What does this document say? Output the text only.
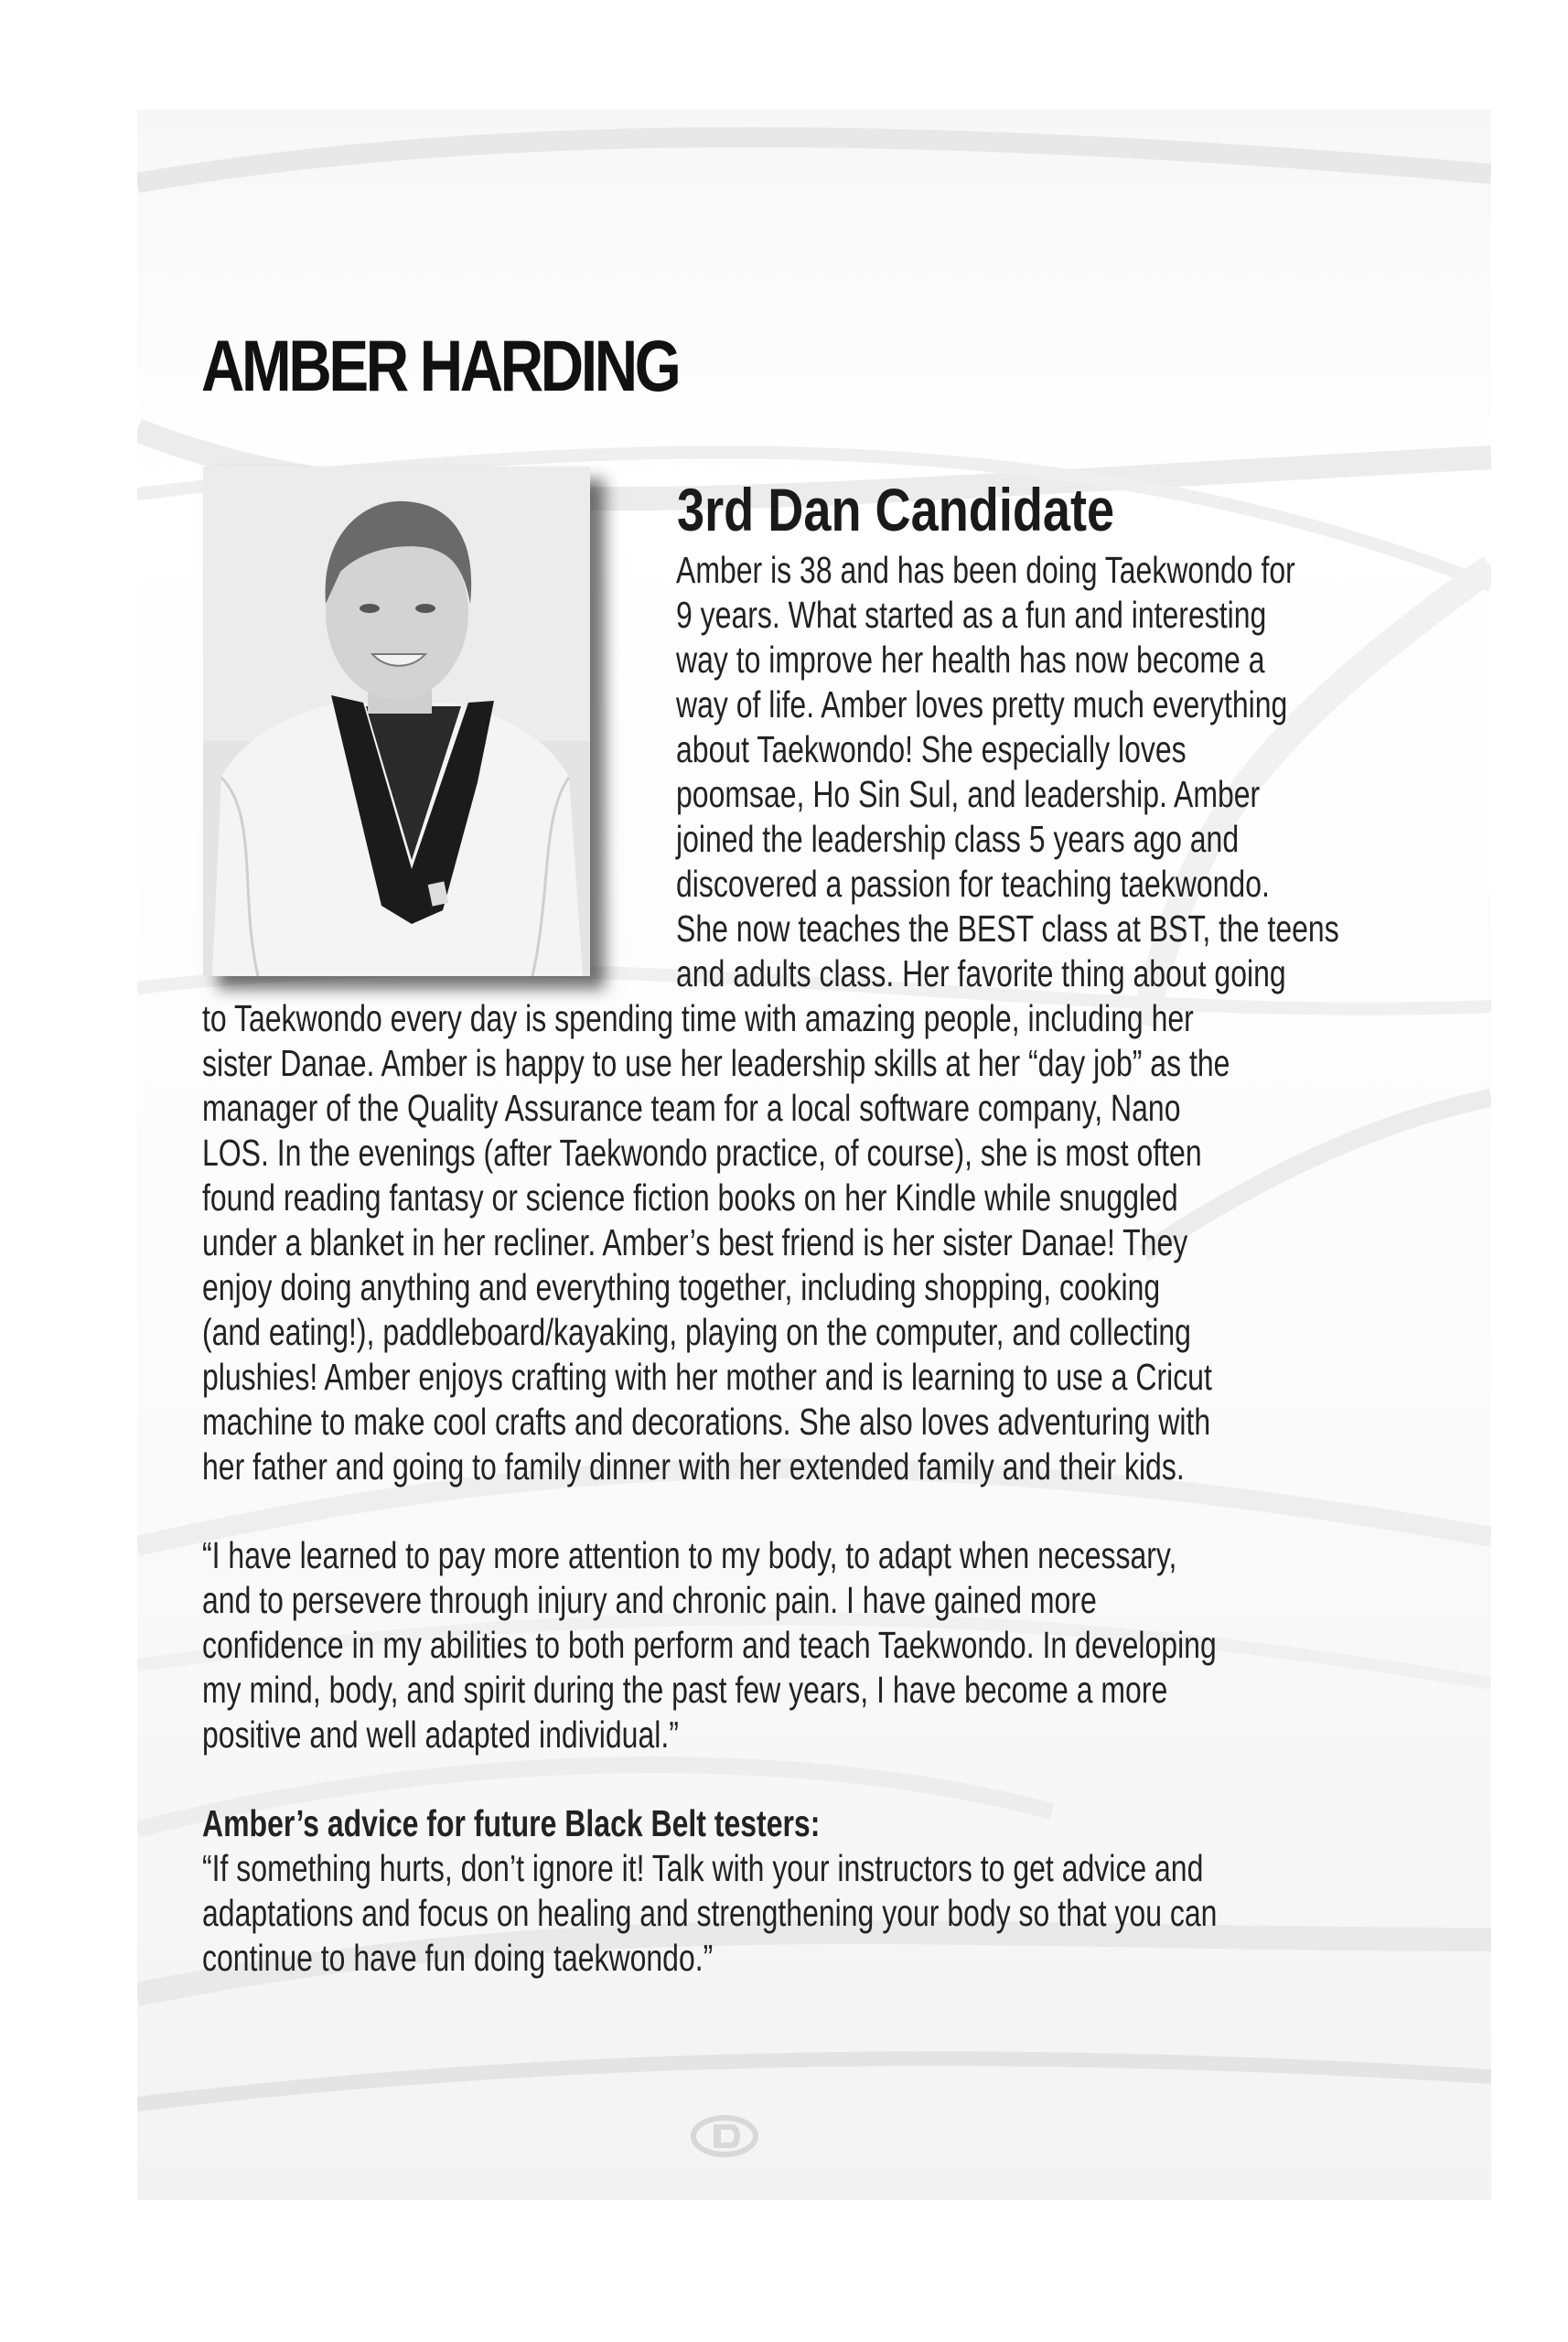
AMBER HARDING
3rd Dan Candidate

Amber is 38 and has been doing Taekwondo for

9 years. What started as a fun and interesting

way to improve her health has now become a

way of life. Amber loves pretty much everything

about Taekwondo! She especially loves

poomsae, Ho Sin Sul, and leadership. Amber

joined the leadership class 5 years ago and

discovered a passion for teaching taekwondo.

She now teaches the BEST class at BST, the teens

and adults class. Her favorite thing about going

to Taekwondo every day is spending time with amazing people, including her

sister Danae. Amber is happy to use her leadership skills at her “day job” as the

manager of the Quality Assurance team for a local software company, Nano

LOS. In the evenings (after Taekwondo practice, of course), she is most often

found reading fantasy or science fiction books on her Kindle while snuggled

under a blanket in her recliner. Amber’s best friend is her sister Danae! They

enjoy doing anything and everything together, including shopping, cooking

(and eating!), paddleboard/kayaking, playing on the computer, and collecting

plushies! Amber enjoys crafting with her mother and is learning to use a Cricut

machine to make cool crafts and decorations. She also loves adventuring with

her father and going to family dinner with her extended family and their kids.

“I have learned to pay more attention to my body, to adapt when necessary,

and to persevere through injury and chronic pain. I have gained more

confidence in my abilities to both perform and teach Taekwondo. In developing

my mind, body, and spirit during the past few years, I have become a more

positive and well adapted individual.”

Amber’s advice for future Black Belt testers:

“If something hurts, don’t ignore it! Talk with your instructors to get advice and

adaptations and focus on healing and strengthening your body so that you can

continue to have fun doing taekwondo.”
